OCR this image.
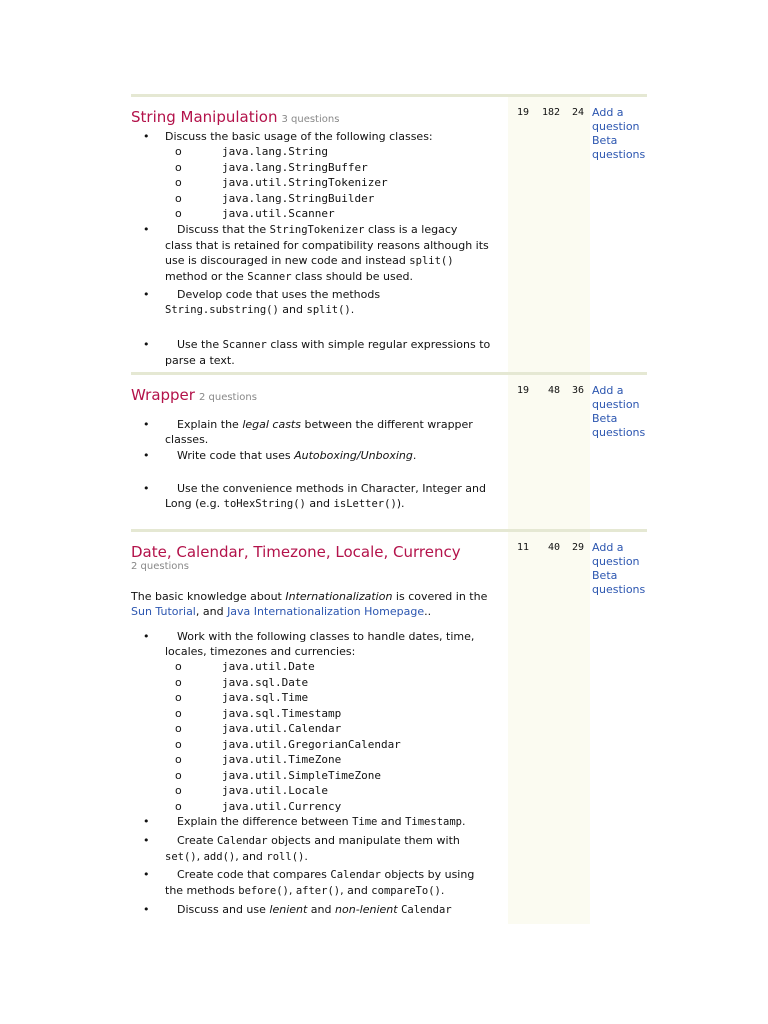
String Manipulation 3 questions
• Discuss the basic usage of the following classes:
o java.lang.String
o java.lang.StringBuffer
o java.util.StringTokenizer
o java.lang.StringBuilder
o java.util.Scanner
• Discuss that the StringTokenizer class is a legacy
class that is retained for compatibility reasons although its
use is discouraged in new code and instead split()
method or the Scanner class should be used.
• Develop code that uses the methods
String.substring() and split().
• Use the Scanner class with simple regular expressions to
parse a text.
19	182	24 Add a
question
Beta
questions
Wrapper 2 questions
• Explain the legal casts between the different wrapper
classes.
• Write code that uses Autoboxing/Unboxing.
• Use the convenience methods in Character, Integer and
Long (e.g. toHexString() and isLetter()).
19	48	36 Add a
question
Beta
questions
Date, Calendar, Timezone, Locale, Currency
2 questions

The basic knowledge about Internationalization is covered in the
Sun Tutorial, and Java Internationalization Homepage..

• Work with the following classes to handle dates, time,
locales, timezones and currencies:
o java.util.Date
o java.sql.Date
o java.sql.Time
o java.sql.Timestamp
o java.util.Calendar
o java.util.GregorianCalendar
o java.util.TimeZone
o java.util.SimpleTimeZone
o java.util.Locale
o java.util.Currency
• Explain the difference between Time and Timestamp.
• Create Calendar objects and manipulate them with
set(), add(), and roll().
• Create code that compares Calendar objects by using
the methods before(), after(), and compareTo().
• Discuss and use lenient and non-lenient Calendar
11	40	29 Add a
question
Beta
questions
